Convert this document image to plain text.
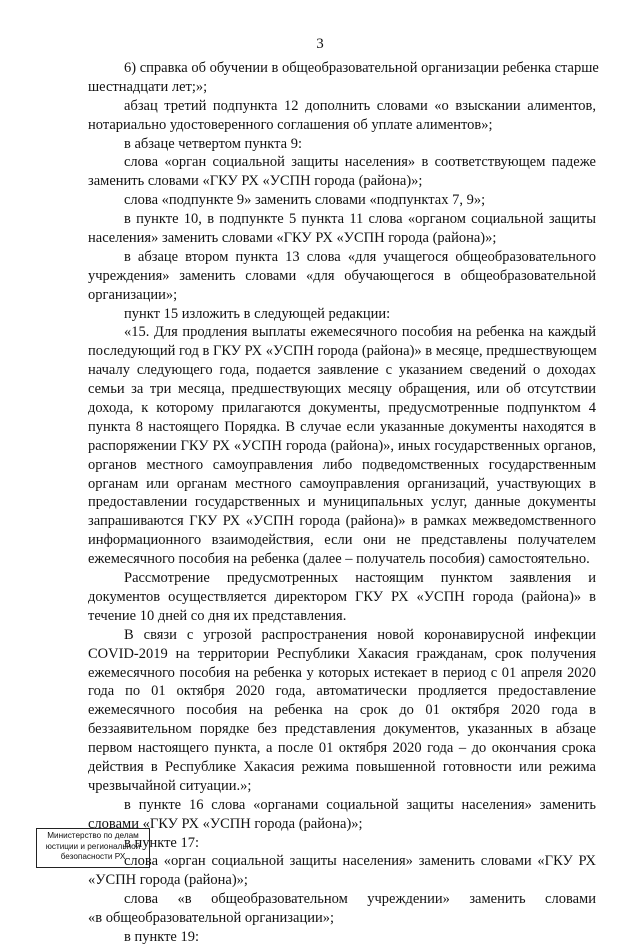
3
6) справка об обучении в общеобразовательной организации ребенка старше
шестнадцати лет;»;
абзац третий подпункта 12 дополнить словами «о взыскании алиментов,
нотариально удостоверенного соглашения об уплате алиментов»;
в абзаце четвертом пункта 9:
слова «орган социальной защиты населения» в соответствующем падеже
заменить словами «ГКУ РХ «УСПН города (района)»;
слова «подпункте 9» заменить словами «подпунктах 7, 9»;
в пункте 10, в подпункте 5 пункта 11 слова «органом социальной защиты
населения» заменить словами «ГКУ РХ «УСПН города (района)»;
в абзаце втором пункта 13 слова «для учащегося общеобразовательного
учреждения» заменить словами «для обучающегося в общеобразовательной
организации»;
пункт 15 изложить в следующей редакции:
«15. Для продления выплаты ежемесячного пособия на ребенка на каждый
последующий год в ГКУ РХ «УСПН города (района)» в месяце, предшествующем
началу следующего года, подается заявление с указанием сведений о доходах
семьи за три месяца, предшествующих месяцу обращения, или об отсутствии
дохода, к которому прилагаются документы, предусмотренные подпунктом 4
пункта 8 настоящего Порядка. В случае если указанные документы находятся в
распоряжении ГКУ РХ «УСПН города (района)», иных государственных органов,
органов местного самоуправления либо подведомственных государственным
органам или органам местного самоуправления организаций, участвующих в
предоставлении государственных и муниципальных услуг, данные документы
запрашиваются ГКУ РХ «УСПН города (района)» в рамках межведомственного
информационного взаимодействия, если они не представлены получателем
ежемесячного пособия на ребенка (далее – получатель пособия) самостоятельно.
Рассмотрение предусмотренных настоящим пунктом заявления и
документов осуществляется директором ГКУ РХ «УСПН города (района)» в
течение 10 дней со дня их представления.
В связи с угрозой распространения новой коронавирусной инфекции
COVID-2019 на территории Республики Хакасия гражданам, срок получения
ежемесячного пособия на ребенка у которых истекает в период с 01 апреля 2020
года по 01 октября 2020 года, автоматически продляется предоставление
ежемесячного пособия на ребенка на срок до 01 октября 2020 года в
беззаявительном порядке без представления документов, указанных в абзаце
первом настоящего пункта, а после 01 октября 2020 года – до окончания срока
действия в Республике Хакасия режима повышенной готовности или режима
чрезвычайной ситуации.»;
в пункте 16 слова «органами социальной защиты населения» заменить
словами «ГКУ РХ «УСПН города (района)»;
в пункте 17:
слова «орган социальной защиты населения» заменить словами «ГКУ РХ
«УСПН города (района)»;
слова «в общеобразовательном учреждении» заменить словами
«в общеобразовательной организации»;
в пункте 19:
Министерство по делам
юстиции и региональной
безопасности РХ
